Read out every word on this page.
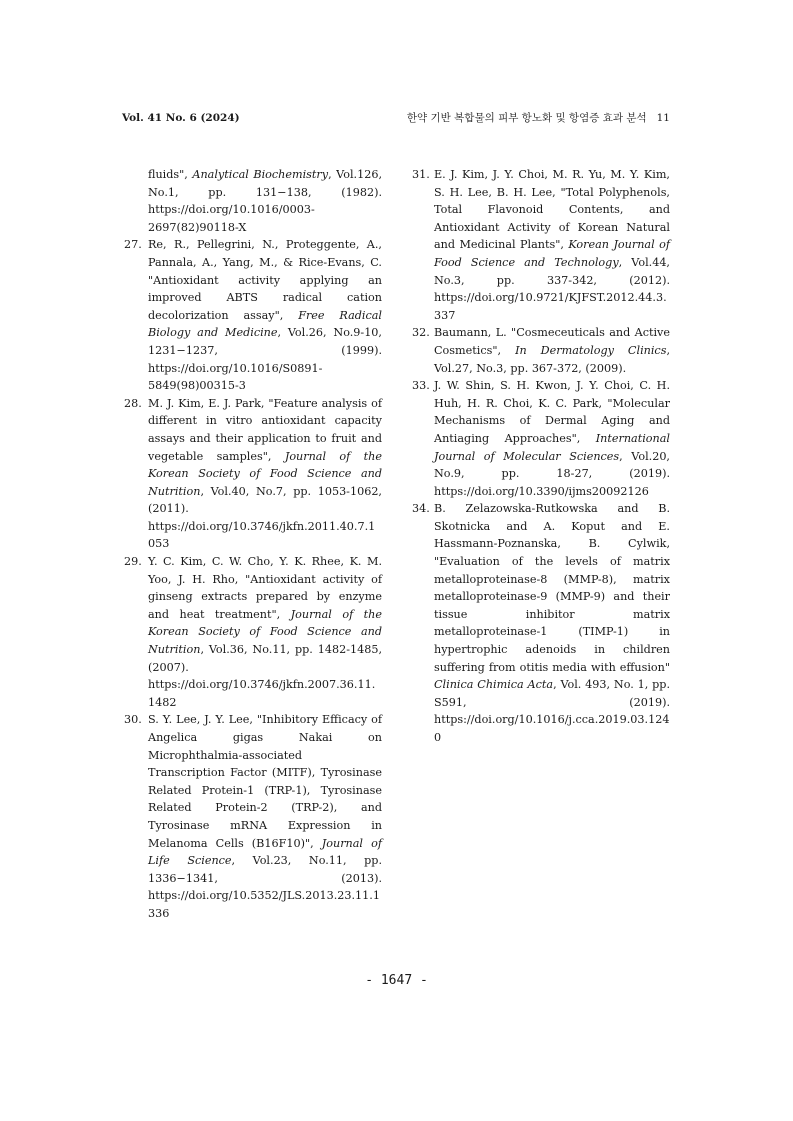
Vol. 41 No. 6 (2024)	한약 기반 복합물의 피부 항노화 및 항염증 효과 분석 11
fluids", Analytical Biochemistry, Vol.126, No.1, pp. 131−138, (1982). https://doi.org/10.1016/0003-2697(82)90118-X
27. Re, R., Pellegrini, N., Proteggente, A., Pannala, A., Yang, M., & Rice-Evans, C. "Antioxidant activity applying an improved ABTS radical cation decolorization assay", Free Radical Biology and Medicine, Vol.26, No.9-10, 1231−1237, (1999). https://doi.org/10.1016/S0891-5849(98)00315-3
28. M. J. Kim, E. J. Park, "Feature analysis of different in vitro antioxidant capacity assays and their application to fruit and vegetable samples", Journal of the Korean Society of Food Science and Nutrition, Vol.40, No.7, pp. 1053-1062, (2011). https://doi.org/10.3746/jkfn.2011.40.7.1053
29. Y. C. Kim, C. W. Cho, Y. K. Rhee, K. M. Yoo, J. H. Rho, "Antioxidant activity of ginseng extracts prepared by enzyme and heat treatment", Journal of the Korean Society of Food Science and Nutrition, Vol.36, No.11, pp. 1482-1485, (2007). https://doi.org/10.3746/jkfn.2007.36.11.1482
30. S. Y. Lee, J. Y. Lee, "Inhibitory Efficacy of Angelica gigas Nakai on Microphthalmia-associated Transcription Factor (MITF), Tyrosinase Related Protein-1 (TRP-1), Tyrosinase Related Protein-2 (TRP-2), and Tyrosinase mRNA Expression in Melanoma Cells (B16F10)", Journal of Life Science, Vol.23, No.11, pp. 1336−1341, (2013). https://doi.org/10.5352/JLS.2013.23.11.1336
31. E. J. Kim, J. Y. Choi, M. R. Yu, M. Y. Kim, S. H. Lee, B. H. Lee, "Total Polyphenols, Total Flavonoid Contents, and Antioxidant Activity of Korean Natural and Medicinal Plants", Korean Journal of Food Science and Technology, Vol.44, No.3, pp. 337-342, (2012). https://doi.org/10.9721/KJFST.2012.44.3.337
32. Baumann, L. "Cosmeceuticals and Active Cosmetics", In Dermatology Clinics, Vol.27, No.3, pp. 367-372, (2009).
33. J. W. Shin, S. H. Kwon, J. Y. Choi, C. H. Huh, H. R. Choi, K. C. Park, "Molecular Mechanisms of Dermal Aging and Antiaging Approaches", International Journal of Molecular Sciences, Vol.20, No.9, pp. 18-27, (2019). https://doi.org/10.3390/ijms20092126
34. B. Zelazowska-Rutkowska and B. Skotnicka and A. Koput and E. Hassmann-Poznanska, B. Cylwik, "Evaluation of the levels of matrix metalloproteinase-8 (MMP-8), matrix metalloproteinase-9 (MMP-9) and their tissue inhibitor matrix metalloproteinase-1 (TIMP-1) in hypertrophic adenoids in children suffering from otitis media with effusion" Clinica Chimica Acta, Vol. 493, No. 1, pp. S591, (2019). https://doi.org/10.1016/j.cca.2019.03.1240
- 1647 -
